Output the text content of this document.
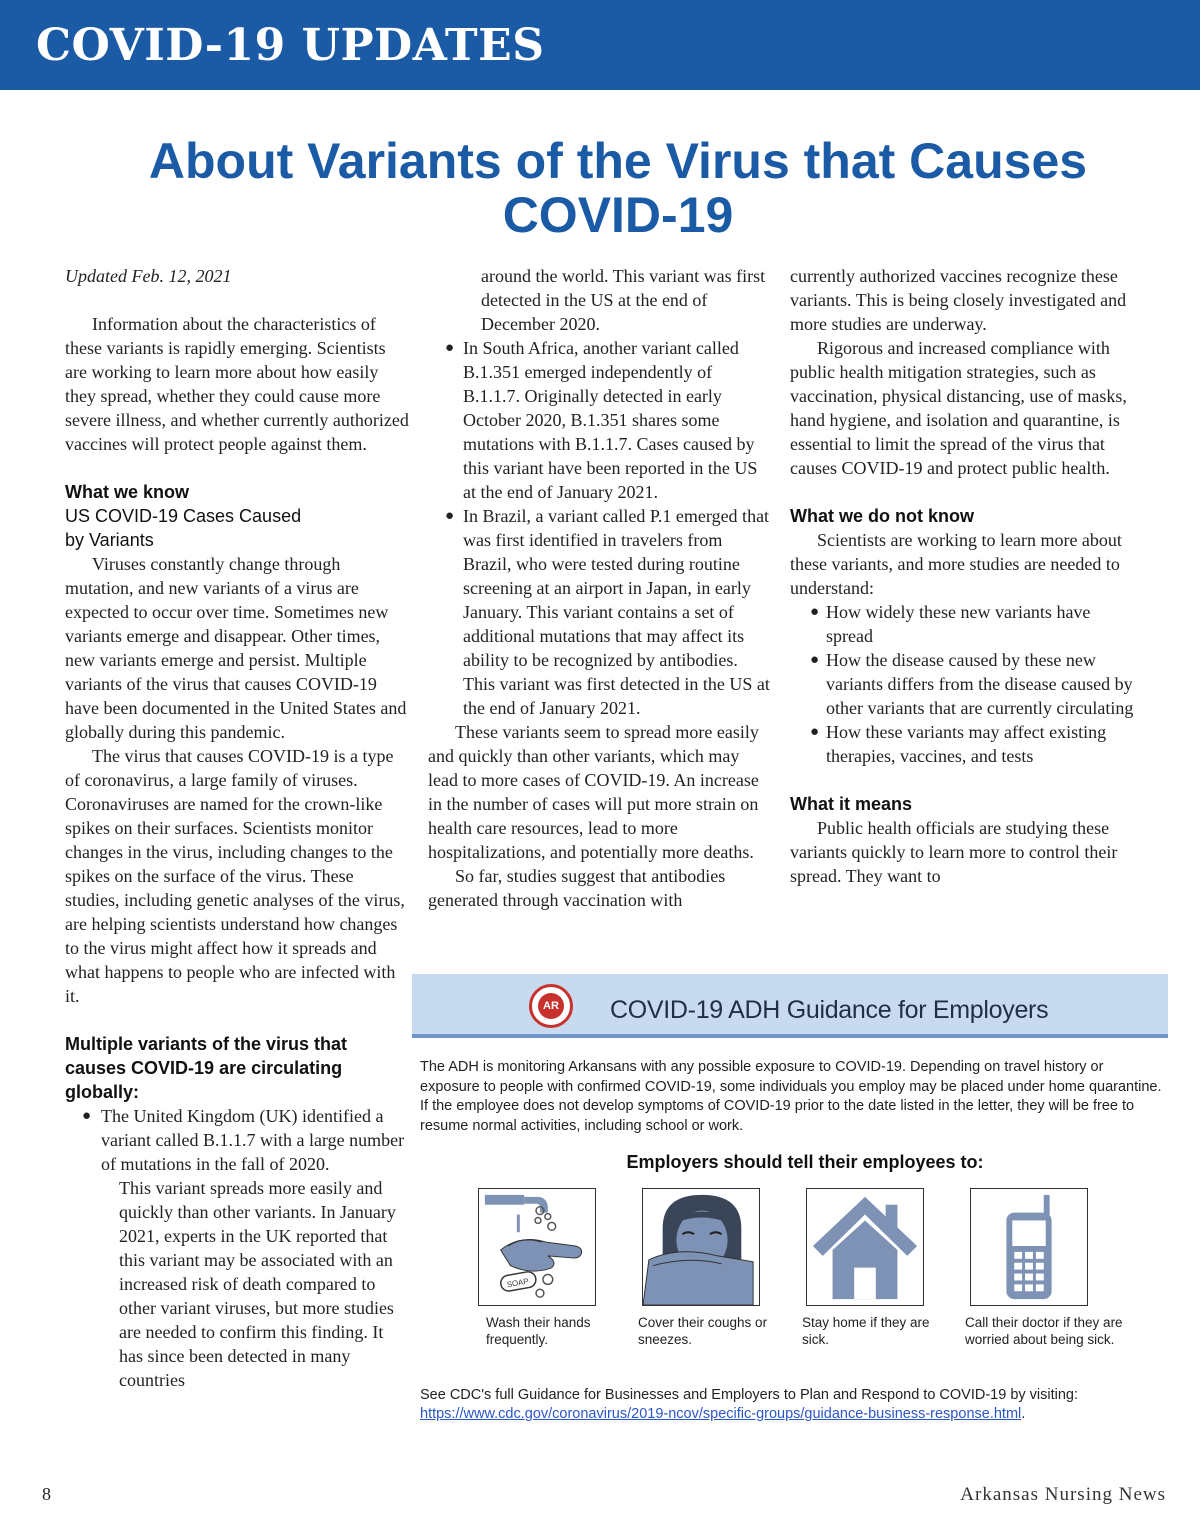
COVID-19 UPDATES
About Variants of the Virus that Causes COVID-19

Updated Feb. 12, 2021

Information about the characteristics of these variants is rapidly emerging. Scientists are working to learn more about how easily they spread, whether they could cause more severe illness, and whether currently authorized vaccines will protect people against them.

What we know

US COVID-19 Cases Caused by Variants

Viruses constantly change through mutation, and new variants of a virus are expected to occur over time. Sometimes new variants emerge and disappear. Other times, new variants emerge and persist. Multiple variants of the virus that causes COVID-19 have been documented in the United States and globally during this pandemic.

The virus that causes COVID-19 is a type of coronavirus, a large family of viruses. Coronaviruses are named for the crown-like spikes on their surfaces. Scientists monitor changes in the virus, including changes to the spikes on the surface of the virus. These studies, including genetic analyses of the virus, are helping scientists understand how changes to the virus might affect how it spreads and what happens to people who are infected with it.

Multiple variants of the virus that causes COVID-19 are circulating globally:

● The United Kingdom (UK) identified a variant called B.1.1.7 with a large number of mutations in the fall of 2020.

This variant spreads more easily and quickly than other variants. In January 2021, experts in the UK reported that this variant may be associated with an increased risk of death compared to other variant viruses, but more studies are needed to confirm this finding. It has since been detected in many countries

around the world. This variant was first detected in the US at the end of December 2020.

● In South Africa, another variant called B.1.351 emerged independently of B.1.1.7. Originally detected in early October 2020, B.1.351 shares some mutations with B.1.1.7. Cases caused by this variant have been reported in the US at the end of January 2021.
● In Brazil, a variant called P.1 emerged that was first identified in travelers from Brazil, who were tested during routine screening at an airport in Japan, in early January. This variant contains a set of additional mutations that may affect its ability to be recognized by antibodies. This variant was first detected in the US at the end of January 2021.

These variants seem to spread more easily and quickly than other variants, which may lead to more cases of COVID-19. An increase in the number of cases will put more strain on health care resources, lead to more hospitalizations, and potentially more deaths.

So far, studies suggest that antibodies generated through vaccination with

currently authorized vaccines recognize these variants. This is being closely investigated and more studies are underway.

Rigorous and increased compliance with public health mitigation strategies, such as vaccination, physical distancing, use of masks, hand hygiene, and isolation and quarantine, is essential to limit the spread of the virus that causes COVID-19 and protect public health.

What we do not know

Scientists are working to learn more about these variants, and more studies are needed to understand:

● How widely these new variants have spread
● How the disease caused by these new variants differs from the disease caused by other variants that are currently circulating
● How these variants may affect existing therapies, vaccines, and tests

What it means

Public health officials are studying these variants quickly to learn more to control their spread. They want to

AR COVID-19 ADH Guidance for Employers

The ADH is monitoring Arkansans with any possible exposure to COVID-19. Depending on travel history or exposure to people with confirmed COVID-19, some individuals you employ may be placed under home quarantine. If the employee does not develop symptoms of COVID-19 prior to the date listed in the letter, they will be free to resume normal activities, including school or work.

Employers should tell their employees to:

SOAP

Wash their hands frequently.

Cover their coughs or sneezes.

Stay home if they are sick.

Call their doctor if they are worried about being sick.

See CDC's full Guidance for Businesses and Employers to Plan and Respond to COVID-19 by visiting: https://www.cdc.gov/coronavirus/2019-ncov/specific-groups/guidance-business-response.html.

8	Arkansas Nursing News
